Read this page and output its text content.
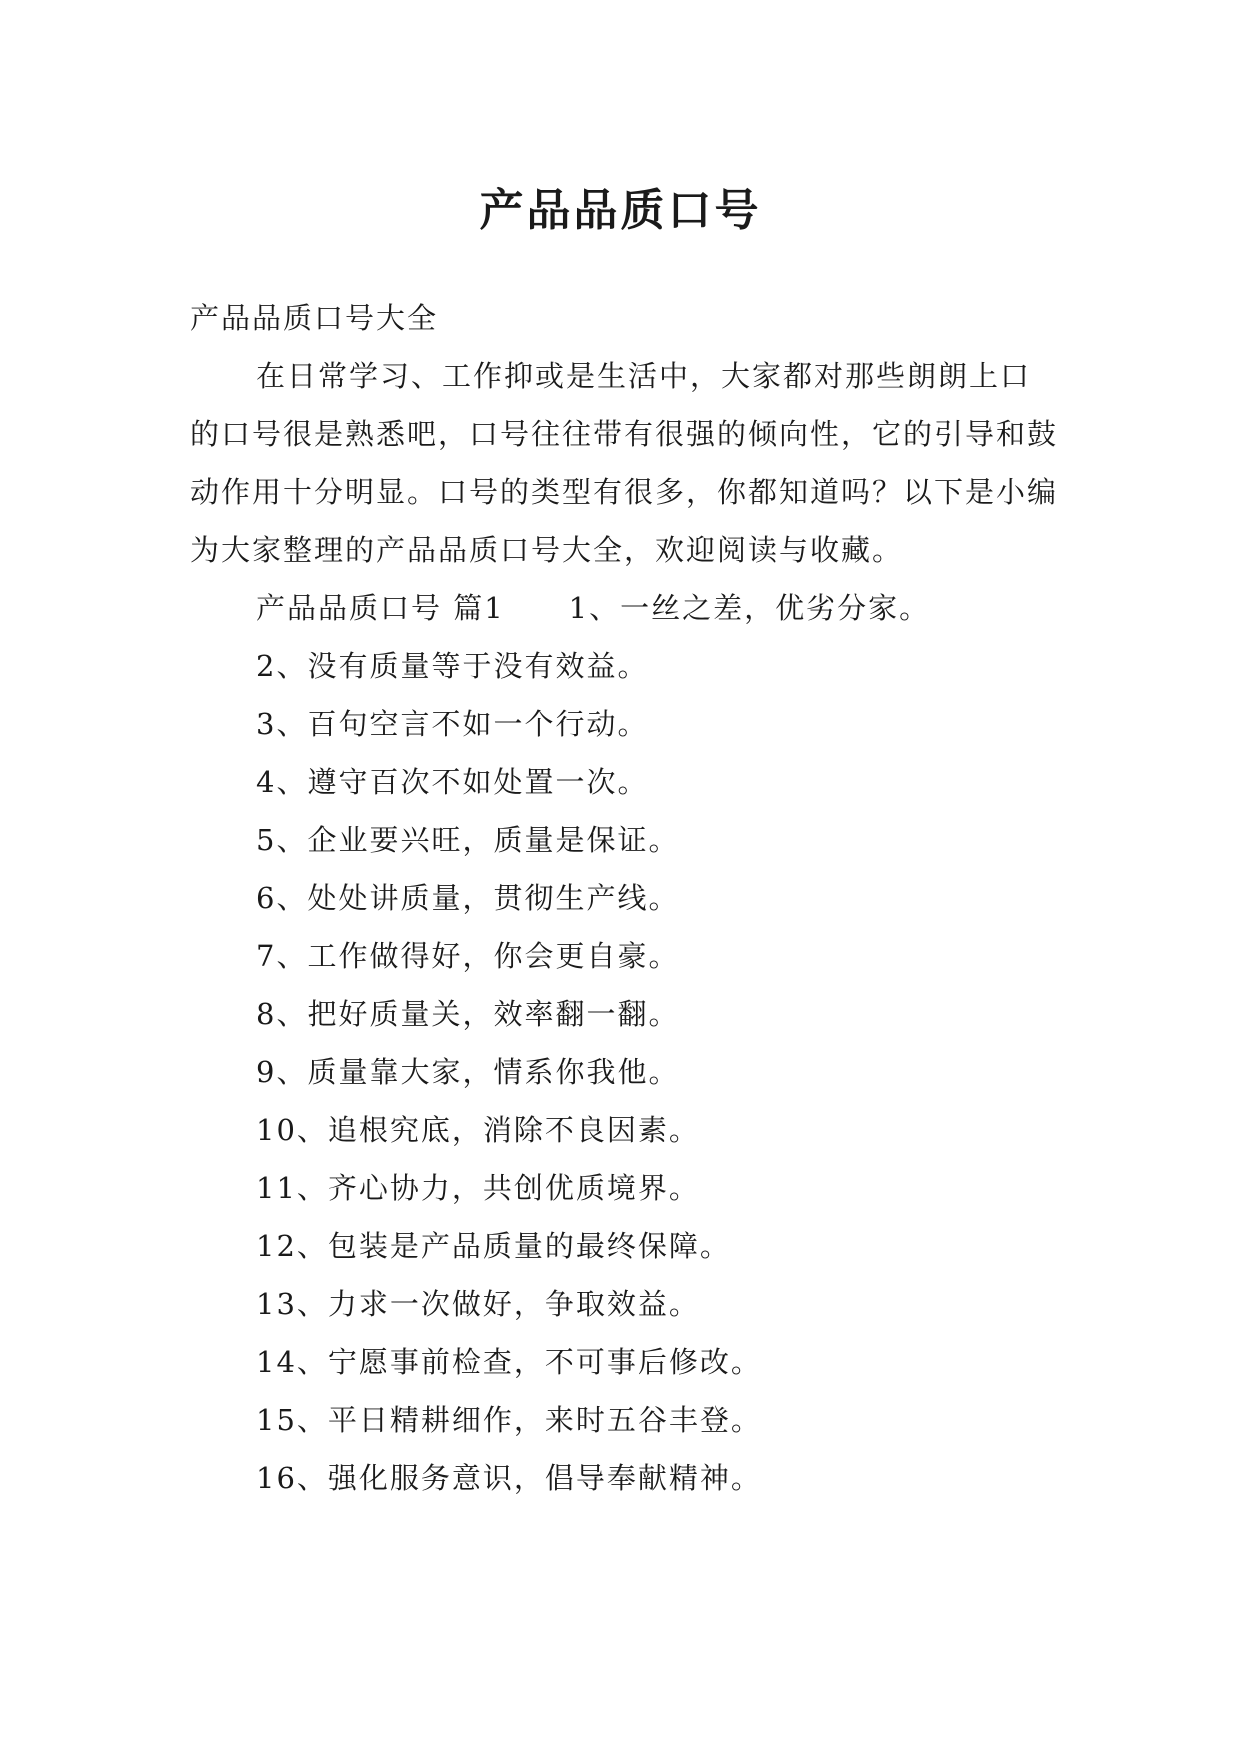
产品品质口号

产品品质口号大全

在日常学习、工作抑或是生活中，大家都对那些朗朗上口的口号很是熟悉吧，口号往往带有很强的倾向性，它的引导和鼓动作用十分明显。口号的类型有很多，你都知道吗？以下是小编为大家整理的产品品质口号大全，欢迎阅读与收藏。

产品品质口号 篇1 1、一丝之差，优劣分家。

2、没有质量等于没有效益。

3、百句空言不如一个行动。

4、遵守百次不如处置一次。

5、企业要兴旺，质量是保证。

6、处处讲质量，贯彻生产线。

7、工作做得好，你会更自豪。

8、把好质量关，效率翻一翻。

9、质量靠大家，情系你我他。

10、追根究底，消除不良因素。

11、齐心协力，共创优质境界。

12、包装是产品质量的最终保障。

13、力求一次做好，争取效益。

14、宁愿事前检查，不可事后修改。

15、平日精耕细作，来时五谷丰登。

16、强化服务意识，倡导奉献精神。
